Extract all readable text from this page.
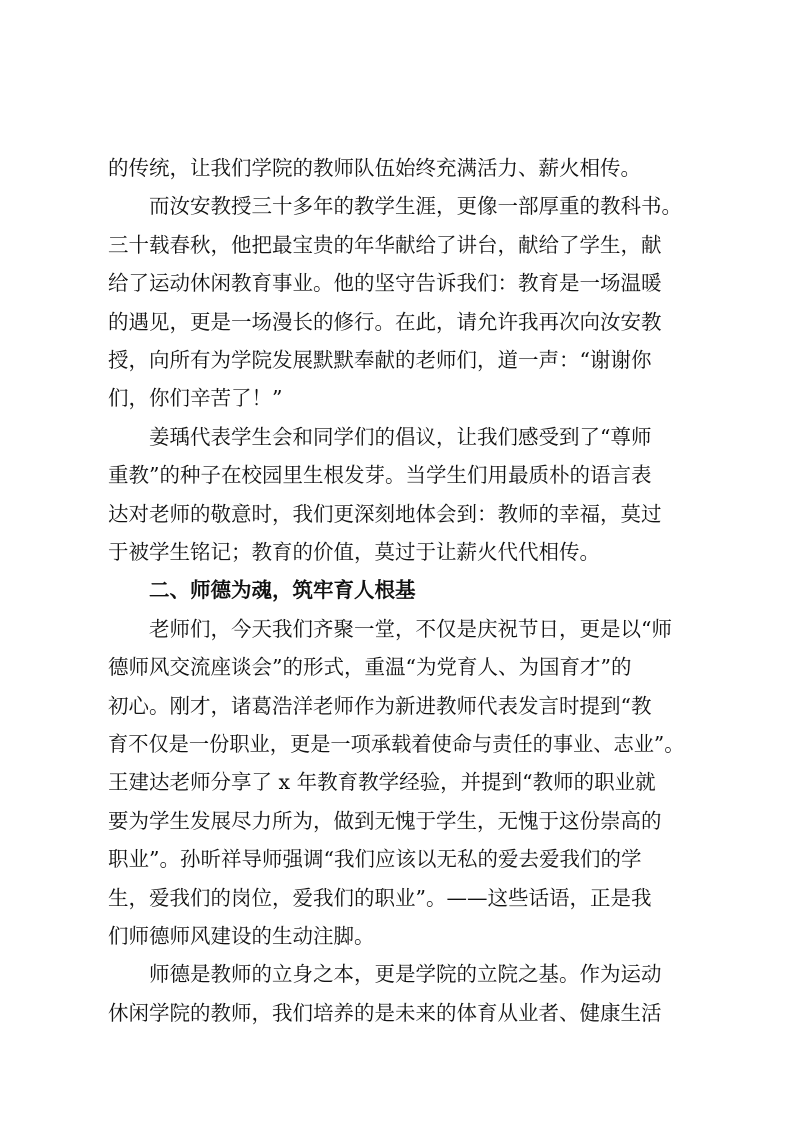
的传统，让我们学院的教师队伍始终充满活力、薪火相传。
而汝安教授三十多年的教学生涯，更像一部厚重的教科书。
三十载春秋，他把最宝贵的年华献给了讲台，献给了学生，献
给了运动休闲教育事业。他的坚守告诉我们：教育是一场温暖
的遇见，更是一场漫长的修行。在此，请允许我再次向汝安教
授，向所有为学院发展默默奉献的老师们，道一声：“谢谢你
们，你们辛苦了！”
姜瑀代表学生会和同学们的倡议，让我们感受到了“尊师
重教”的种子在校园里生根发芽。当学生们用最质朴的语言表
达对老师的敬意时，我们更深刻地体会到：教师的幸福，莫过
于被学生铭记；教育的价值，莫过于让薪火代代相传。
二、师德为魂，筑牢育人根基
老师们，今天我们齐聚一堂，不仅是庆祝节日，更是以“师
德师风交流座谈会”的形式，重温“为党育人、为国育才”的
初心。刚才，诸葛浩洋老师作为新进教师代表发言时提到“教
育不仅是一份职业，更是一项承载着使命与责任的事业、志业”。
王建达老师分享了 x 年教育教学经验，并提到“教师的职业就
要为学生发展尽力所为，做到无愧于学生，无愧于这份崇高的
职业”。孙昕祥导师强调“我们应该以无私的爱去爱我们的学
生，爱我们的岗位，爱我们的职业”。——这些话语，正是我
们师德师风建设的生动注脚。
师德是教师的立身之本，更是学院的立院之基。作为运动
休闲学院的教师，我们培养的是未来的体育从业者、健康生活
